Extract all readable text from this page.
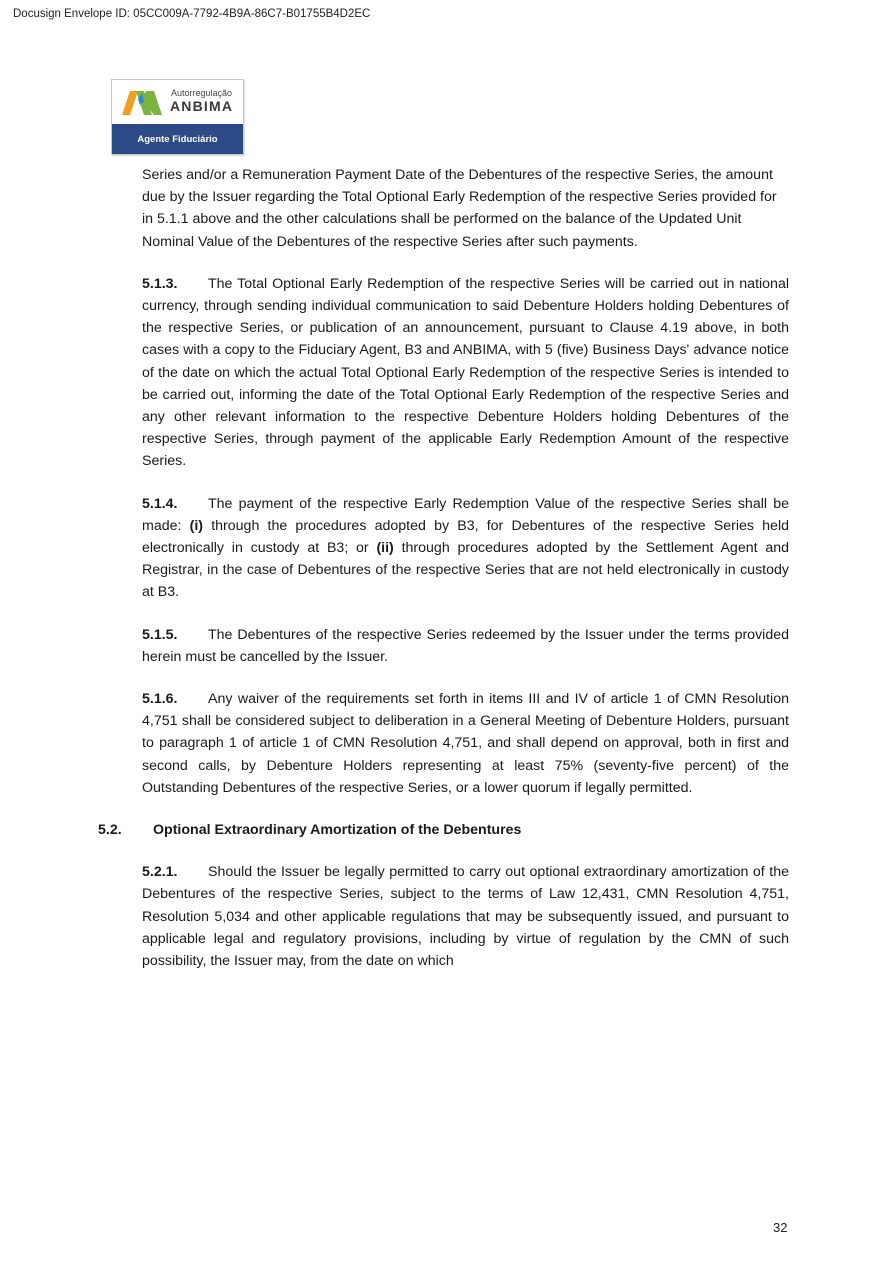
Docusign Envelope ID: 05CC009A-7792-4B9A-86C7-B01755B4D2EC
Autorregulação
ANBIMA
Agente Fiduciário

Series and/or a Remuneration Payment Date of the Debentures of the respective Series, the amount due by the Issuer regarding the Total Optional Early Redemption of the respective Series provided for in 5.1.1 above and the other calculations shall be performed on the balance of the Updated Unit Nominal Value of the Debentures of the respective Series after such payments.

5.1.3. The Total Optional Early Redemption of the respective Series will be carried out in national currency, through sending individual communication to said Debenture Holders holding Debentures of the respective Series, or publication of an announcement, pursuant to Clause 4.19 above, in both cases with a copy to the Fiduciary Agent, B3 and ANBIMA, with 5 (five) Business Days' advance notice of the date on which the actual Total Optional Early Redemption of the respective Series is intended to be carried out, informing the date of the Total Optional Early Redemption of the respective Series and any other relevant information to the respective Debenture Holders holding Debentures of the respective Series, through payment of the applicable Early Redemption Amount of the respective Series.

5.1.4. The payment of the respective Early Redemption Value of the respective Series shall be made: (i) through the procedures adopted by B3, for Debentures of the respective Series held electronically in custody at B3; or (ii) through procedures adopted by the Settlement Agent and Registrar, in the case of Debentures of the respective Series that are not held electronically in custody at B3.

5.1.5. The Debentures of the respective Series redeemed by the Issuer under the terms provided herein must be cancelled by the Issuer.

5.1.6. Any waiver of the requirements set forth in items III and IV of article 1 of CMN Resolution 4,751 shall be considered subject to deliberation in a General Meeting of Debenture Holders, pursuant to paragraph 1 of article 1 of CMN Resolution 4,751, and shall depend on approval, both in first and second calls, by Debenture Holders representing at least 75% (seventy-five percent) of the Outstanding Debentures of the respective Series, or a lower quorum if legally permitted.

5.2. Optional Extraordinary Amortization of the Debentures

5.2.1. Should the Issuer be legally permitted to carry out optional extraordinary amortization of the Debentures of the respective Series, subject to the terms of Law 12,431, CMN Resolution 4,751, Resolution 5,034 and other applicable regulations that may be subsequently issued, and pursuant to applicable legal and regulatory provisions, including by virtue of regulation by the CMN of such possibility, the Issuer may, from the date on which

32
